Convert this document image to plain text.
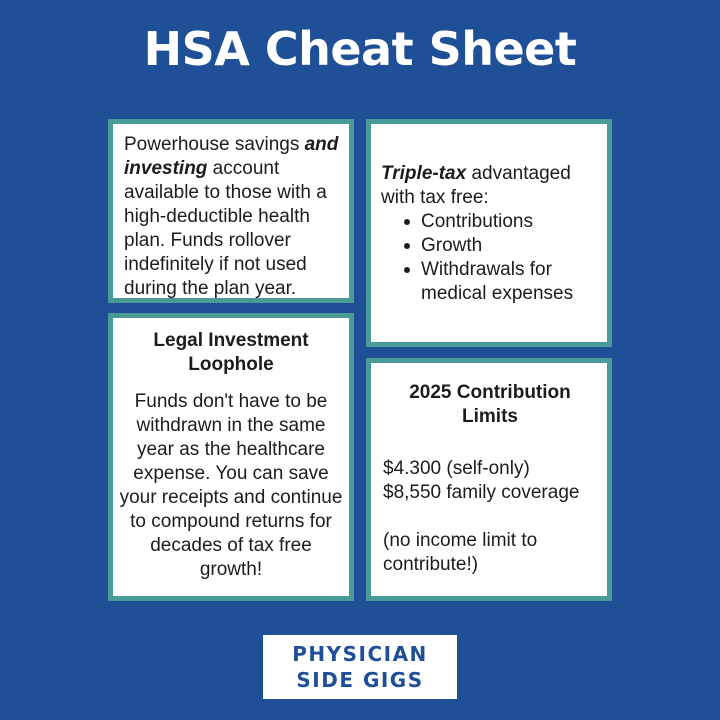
HSA Cheat Sheet
Powerhouse savings and investing account available to those with a high-deductible health plan. Funds rollover indefinitely if not used during the plan year.
Triple-tax advantaged with tax free:
Contributions
Growth
Withdrawals for medical expenses
Legal Investment Loophole
Funds don't have to be withdrawn in the same year as the healthcare expense. You can save your receipts and continue to compound returns for decades of tax free growth!
2025 Contribution Limits
$4.300 (self-only)
$8,550 family coverage
(no income limit to contribute!)
PHYSICIAN
SIDE GIGS
